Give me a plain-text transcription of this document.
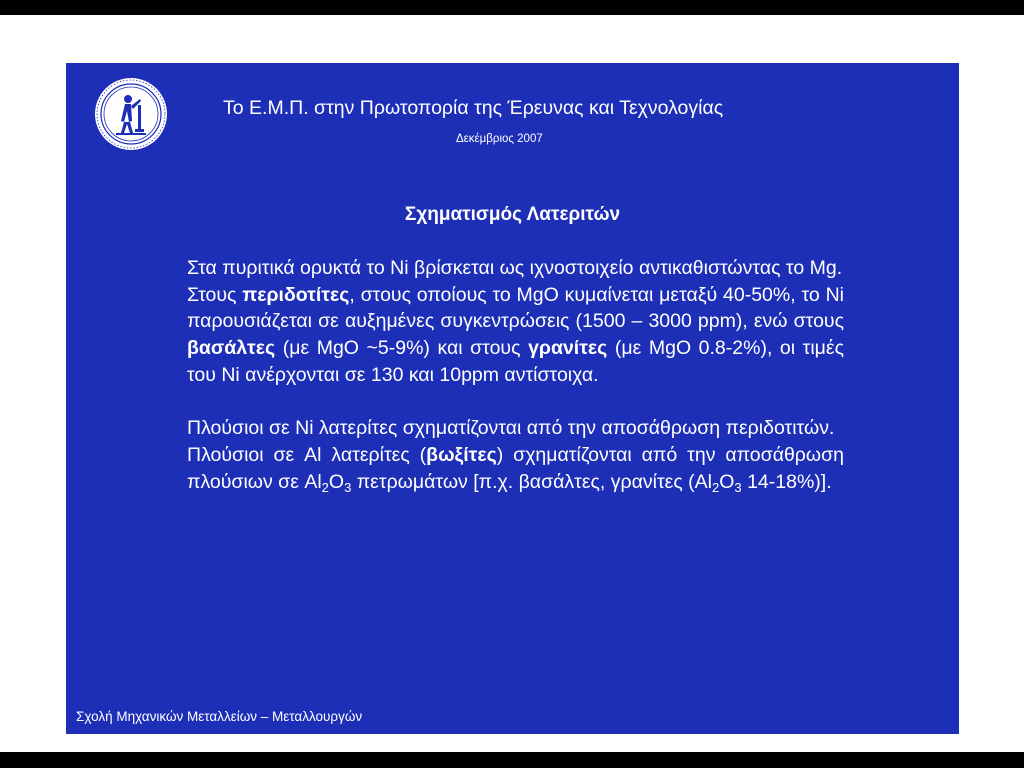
Το Ε.Μ.Π. στην Πρωτοπορία της Έρευνας και Τεχνολογίας
Δεκέμβριος 2007
Σχηματισμός Λατεριτών

Στα πυριτικά ορυκτά το Ni βρίσκεται ως ιχνοστοιχείο αντικαθιστώντας το Mg.

Στους περιδοτίτες, στους οποίους το MgO κυμαίνεται μεταξύ 40-50%, το Ni παρουσιάζεται σε αυξημένες συγκεντρώσεις (1500 – 3000 ppm), ενώ στους βασάλτες (με MgO ~5-9%) και στους γρανίτες (με MgO 0.8-2%), οι τιμές του Ni ανέρχονται σε 130 και 10ppm αντίστοιχα.

Πλούσιοι σε Ni λατερίτες σχηματίζονται από την αποσάθρωση περιδοτιτών.

Πλούσιοι σε Al λατερίτες (βωξίτες) σχηματίζονται από την αποσάθρωση πλούσιων σε $Al_2O_3$ πετρωμάτων [π.χ. βασάλτες, γρανίτες ($Al_2O_3$ 14-18%)].

Σχολή Μηχανικών Μεταλλείων – Μεταλλουργών
